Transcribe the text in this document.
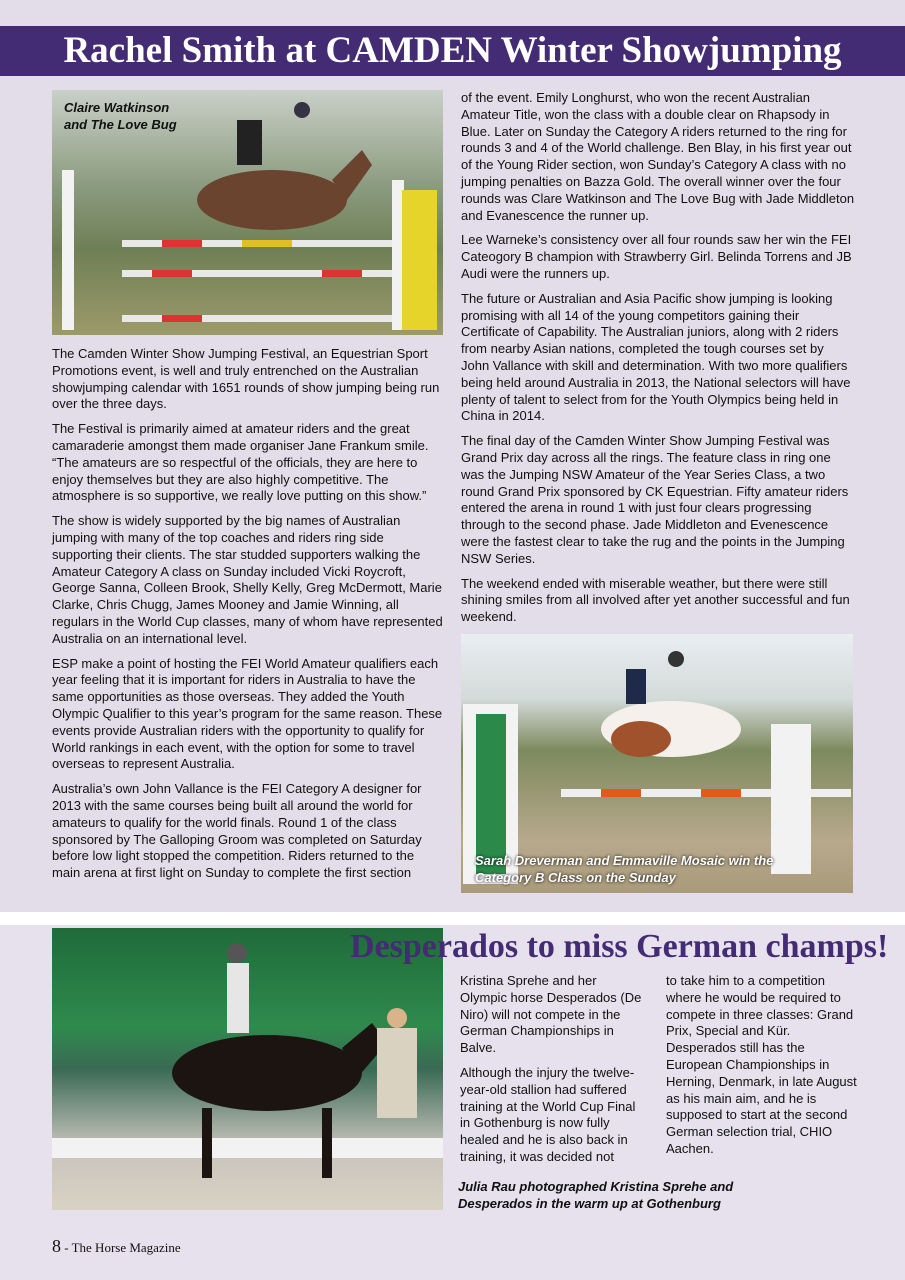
Rachel Smith at CAMDEN Winter Showjumping
Claire Watkinson and The Love Bug

The Camden Winter Show Jumping Festival, an Equestrian Sport Promotions event, is well and truly entrenched on the Australian showjumping calendar with 1651 rounds of show jumping being run over the three days.

The Festival is primarily aimed at amateur riders and the great camaraderie amongst them made organiser Jane Frankum smile. “The amateurs are so respectful of the officials, they are here to enjoy themselves but they are also highly competitive. The atmosphere is so supportive, we really love putting on this show.”

The show is widely supported by the big names of Australian jumping with many of the top coaches and riders ring side supporting their clients. The star studded supporters walking the Amateur Category A class on Sunday included Vicki Roycroft, George Sanna, Colleen Brook, Shelly Kelly, Greg McDermott, Marie Clarke, Chris Chugg, James Mooney and Jamie Winning, all regulars in the World Cup classes, many of whom have represented Australia on an international level.

ESP make a point of hosting the FEI World Amateur qualifiers each year feeling that it is important for riders in Australia to have the same opportunities as those overseas. They added the Youth Olympic Qualifier to this year’s program for the same reason. These events provide Australian riders with the opportunity to qualify for World rankings in each event, with the option for some to travel overseas to represent Australia.

Australia’s own John Vallance is the FEI Category A designer for 2013 with the same courses being built all around the world for amateurs to qualify for the world finals. Round 1 of the class sponsored by The Galloping Groom was completed on Saturday before low light stopped the competition. Riders returned to the main arena at first light on Sunday to complete the first section

of the event. Emily Longhurst, who won the recent Australian Amateur Title, won the class with a double clear on Rhapsody in Blue. Later on Sunday the Category A riders returned to the ring for rounds 3 and 4 of the World challenge. Ben Blay, in his first year out of the Young Rider section, won Sunday’s Category A class with no jumping penalties on Bazza Gold. The overall winner over the four rounds was Clare Watkinson and The Love Bug with Jade Middleton and Evanescence the runner up.

Lee Warneke’s consistency over all four rounds saw her win the FEI Cateogory B champion with Strawberry Girl. Belinda Torrens and JB Audi were the runners up.

The future or Australian and Asia Pacific show jumping is looking promising with all 14 of the young competitors gaining their Certificate of Capability. The Australian juniors, along with 2 riders from nearby Asian nations, completed the tough courses set by John Vallance with skill and determination. With two more qualifiers being held around Australia in 2013, the National selectors will have plenty of talent to select from for the Youth Olympics being held in China in 2014.

The final day of the Camden Winter Show Jumping Festival was Grand Prix day across all the rings. The feature class in ring one was the Jumping NSW Amateur of the Year Series Class, a two round Grand Prix sponsored by CK Equestrian. Fifty amateur riders entered the arena in round 1 with just four clears progressing through to the second phase. Jade Middleton and Evenescence were the fastest clear to take the rug and the points in the Jumping NSW Series.

The weekend ended with miserable weather, but there were still shining smiles from all involved after yet another successful and fun weekend.

Sarah Dreverman and Emmaville Mosaic win the Category B Class on the Sunday
Desperados to miss German champs!

Kristina Sprehe and her Olympic horse Desperados (De Niro) will not compete in the German Championships in Balve.

Although the injury the twelve-year-old stallion had suffered training at the World Cup Final in Gothenburg is now fully healed and he is also back in training, it was decided not

to take him to a competition where he would be required to compete in three classes: Grand Prix, Special and Kür. Desperados still has the European Championships in Herning, Denmark, in late August as his main aim, and he is supposed to start at the second German selection trial, CHIO Aachen.

Julia Rau photographed Kristina Sprehe and Desperados in the warm up at Gothenburg
8 - The Horse Magazine
